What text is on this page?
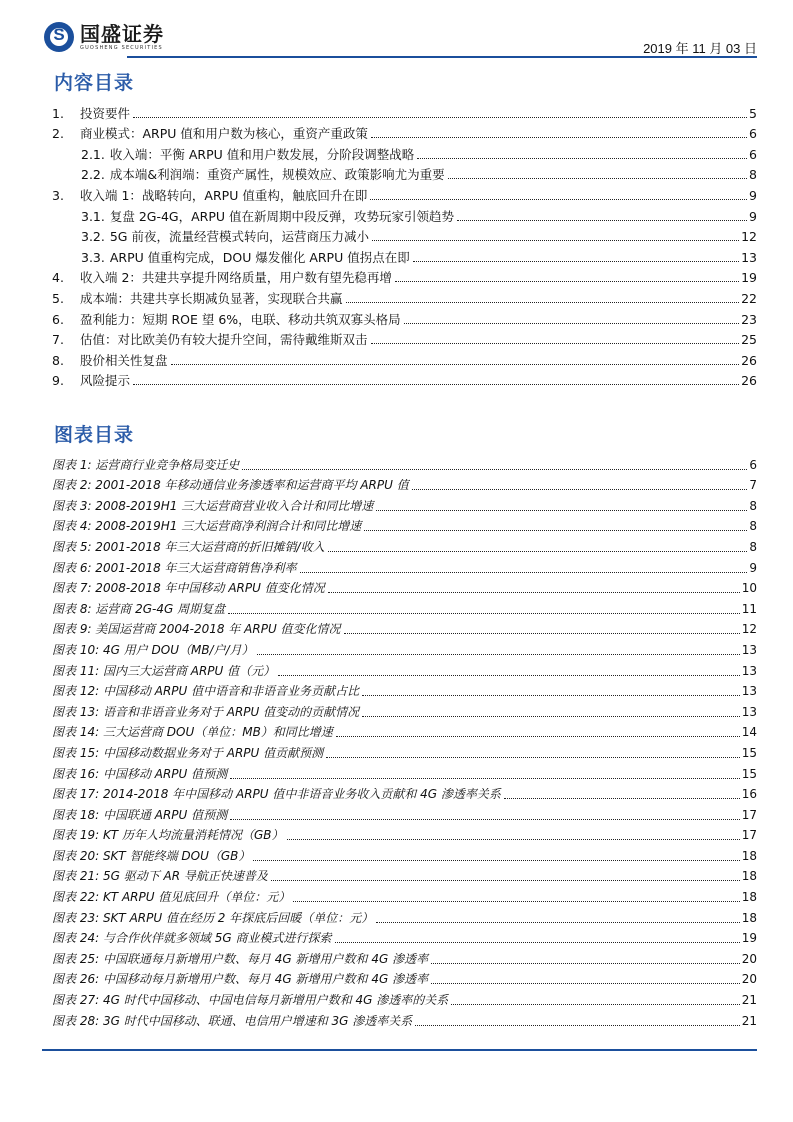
S
国盛证券
GUOSHENG SECURITIES	2019 年 11 月 03 日
内容目录
1.	投资要件	5
2.	商业模式：ARPU 值和用户数为核心，重资产重政策	6
2.1. 收入端：平衡 ARPU 值和用户数发展，分阶段调整战略	6
2.2. 成本端&利润端：重资产属性，规模效应、政策影响尤为重要	8
3.	收入端 1：战略转向，ARPU 值重构，触底回升在即	9
3.1. 复盘 2G-4G，ARPU 值在新周期中段反弹，攻势玩家引领趋势	9
3.2. 5G 前夜，流量经营模式转向，运营商压力减小	12
3.3. ARPU 值重构完成，DOU 爆发催化 ARPU 值拐点在即	13
4.	收入端 2：共建共享提升网络质量，用户数有望先稳再增	19
5.	成本端：共建共享长期减负显著，实现联合共赢	22
6.	盈利能力：短期 ROE 望 6%，电联、移动共筑双寡头格局	23
7.	估值：对比欧美仍有较大提升空间，需待戴维斯双击	25
8.	股价相关性复盘	26
9.	风险提示	26
图表目录
图表 1: 运营商行业竞争格局变迁史	6
图表 2: 2001-2018 年移动通信业务渗透率和运营商平均 ARPU 值	7
图表 3: 2008-2019H1 三大运营商营业收入合计和同比增速	8
图表 4: 2008-2019H1 三大运营商净利润合计和同比增速	8
图表 5: 2001-2018 年三大运营商的折旧摊销/收入	8
图表 6: 2001-2018 年三大运营商销售净利率	9
图表 7: 2008-2018 年中国移动 ARPU 值变化情况	10
图表 8: 运营商 2G-4G 周期复盘	11
图表 9: 美国运营商 2004-2018 年 ARPU 值变化情况	12
图表 10: 4G 用户 DOU（MB/户/月）	13
图表 11: 国内三大运营商 ARPU 值（元）	13
图表 12: 中国移动 ARPU 值中语音和非语音业务贡献占比	13
图表 13: 语音和非语音业务对于 ARPU 值变动的贡献情况	13
图表 14: 三大运营商 DOU（单位：MB）和同比增速	14
图表 15: 中国移动数据业务对于 ARPU 值贡献预测	15
图表 16: 中国移动 ARPU 值预测	15
图表 17: 2014-2018 年中国移动 ARPU 值中非语音业务收入贡献和 4G 渗透率关系	16
图表 18: 中国联通 ARPU 值预测	17
图表 19: KT 历年人均流量消耗情况（GB）	17
图表 20: SKT 智能终端 DOU（GB）	18
图表 21: 5G 驱动下 AR 导航正快速普及	18
图表 22: KT ARPU 值见底回升（单位：元）	18
图表 23: SKT ARPU 值在经历 2 年探底后回暖（单位：元）	18
图表 24: 与合作伙伴就多领域 5G 商业模式进行探索	19
图表 25: 中国联通每月新增用户数、每月 4G 新增用户数和 4G 渗透率	20
图表 26: 中国移动每月新增用户数、每月 4G 新增用户数和 4G 渗透率	20
图表 27: 4G 时代中国移动、中国电信每月新增用户数和 4G 渗透率的关系	21
图表 28: 3G 时代中国移动、联通、电信用户增速和 3G 渗透率关系	21
